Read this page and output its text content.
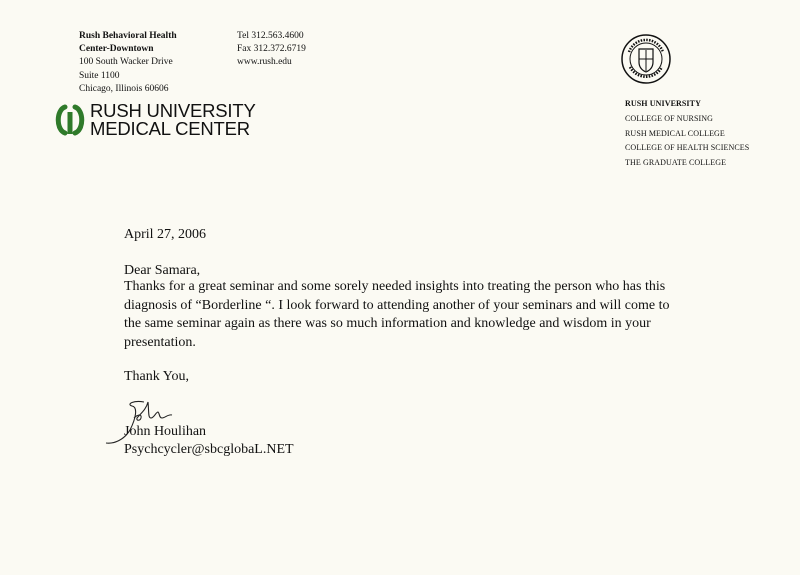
Rush Behavioral Health
Center-Downtown
100 South Wacker Drive
Suite 1100
Chicago, Illinois 60606
Tel 312.563.4600
Fax 312.372.6719
www.rush.edu
RUSH UNIVERSITY
MEDICAL CENTER
RUSH UNIVERSITY
COLLEGE OF NURSING
RUSH MEDICAL COLLEGE
COLLEGE OF HEALTH SCIENCES
THE GRADUATE COLLEGE
April 27, 2006
Dear Samara,
Thanks for a great seminar and some sorely needed insights into treating the person who has this diagnosis of “Borderline “. I look forward to attending another of your seminars and will come to the same seminar again as there was so much information and knowledge and wisdom in your presentation.
Thank You,
John Houlihan
Psychcycler@sbcglobaL.NET
